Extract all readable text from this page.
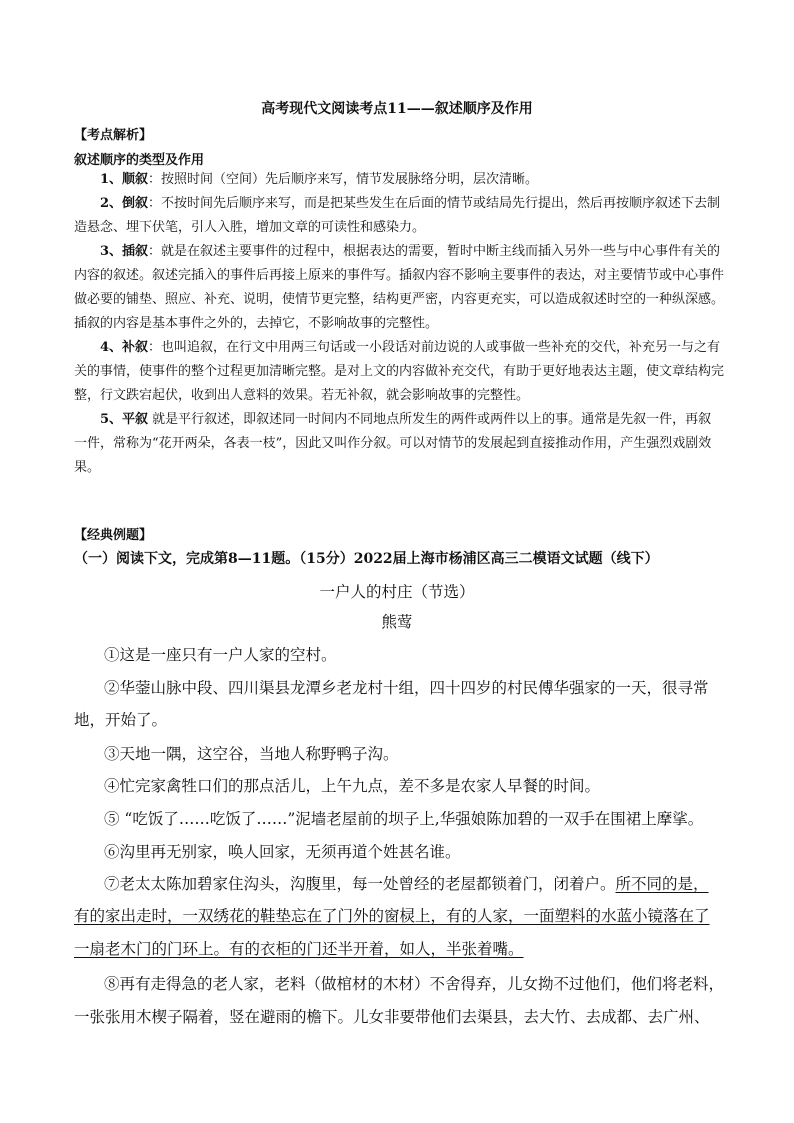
高考现代文阅读考点11——叙述顺序及作用
【考点解析】
叙述顺序的类型及作用
1、顺叙：按照时间（空间）先后顺序来写，情节发展脉络分明，层次清晰。
2、倒叙：不按时间先后顺序来写，而是把某些发生在后面的情节或结局先行提出，然后再按顺序叙述下去制造悬念、埋下伏笔，引人入胜，增加文章的可读性和感染力。
3、插叙：就是在叙述主要事件的过程中，根据表达的需要，暂时中断主线而插入另外一些与中心事件有关的内容的叙述。叙述完插入的事件后再接上原来的事件写。插叙内容不影响主要事件的表达，对主要情节或中心事件做必要的铺垫、照应、补充、说明，使情节更完整，结构更严密，内容更充实，可以造成叙述时空的一种纵深感。插叙的内容是基本事件之外的，去掉它，不影响故事的完整性。
4、补叙：也叫追叙，在行文中用两三句话或一小段话对前边说的人或事做一些补充的交代，补充另一与之有关的事情，使事件的整个过程更加清晰完整。是对上文的内容做补充交代，有助于更好地表达主题，使文章结构完整，行文跌宕起伏，收到出人意料的效果。若无补叙，就会影响故事的完整性。
5、平叙 就是平行叙述，即叙述同一时间内不同地点所发生的两件或两件以上的事。通常是先叙一件，再叙一件，常称为“花开两朵，各表一枝”，因此又叫作分叙。可以对情节的发展起到直接推动作用，产生强烈戏剧效果。
【经典例题】
（一）阅读下文，完成第8—11题。（15分）2022届上海市杨浦区高三二模语文试题（线下）
一户人的村庄（节选）
熊莺
①这是一座只有一户人家的空村。
②华蓥山脉中段、四川渠县龙潭乡老龙村十组，四十四岁的村民傅华强家的一天，很寻常
地，开始了。
③天地一隅，这空谷，当地人称野鸭子沟。
④忙完家禽牲口们的那点活儿，上午九点，差不多是农家人早餐的时间。
⑤ “吃饭了……吃饭了……”泥墙老屋前的坝子上,华强娘陈加碧的一双手在围裙上摩挲。
⑥沟里再无别家，唤人回家，无须再道个姓甚名谁。
⑦老太太陈加碧家住沟头，沟腹里，每一处曾经的老屋都锁着门，闭着户。所不同的是，
有的家出走时，一双绣花的鞋垫忘在了门外的窗棂上，有的人家，一面塑料的水蓝小镜落在了
一扇老木门的门环上。有的衣柜的门还半开着，如人，半张着嘴。
⑧再有走得急的老人家，老料（做棺材的木材）不舍得弃，儿女拗不过他们，他们将老料，
一张张用木楔子隔着，竖在避雨的檐下。儿女非要带他们去渠县，去大竹、去成都、去广州、
